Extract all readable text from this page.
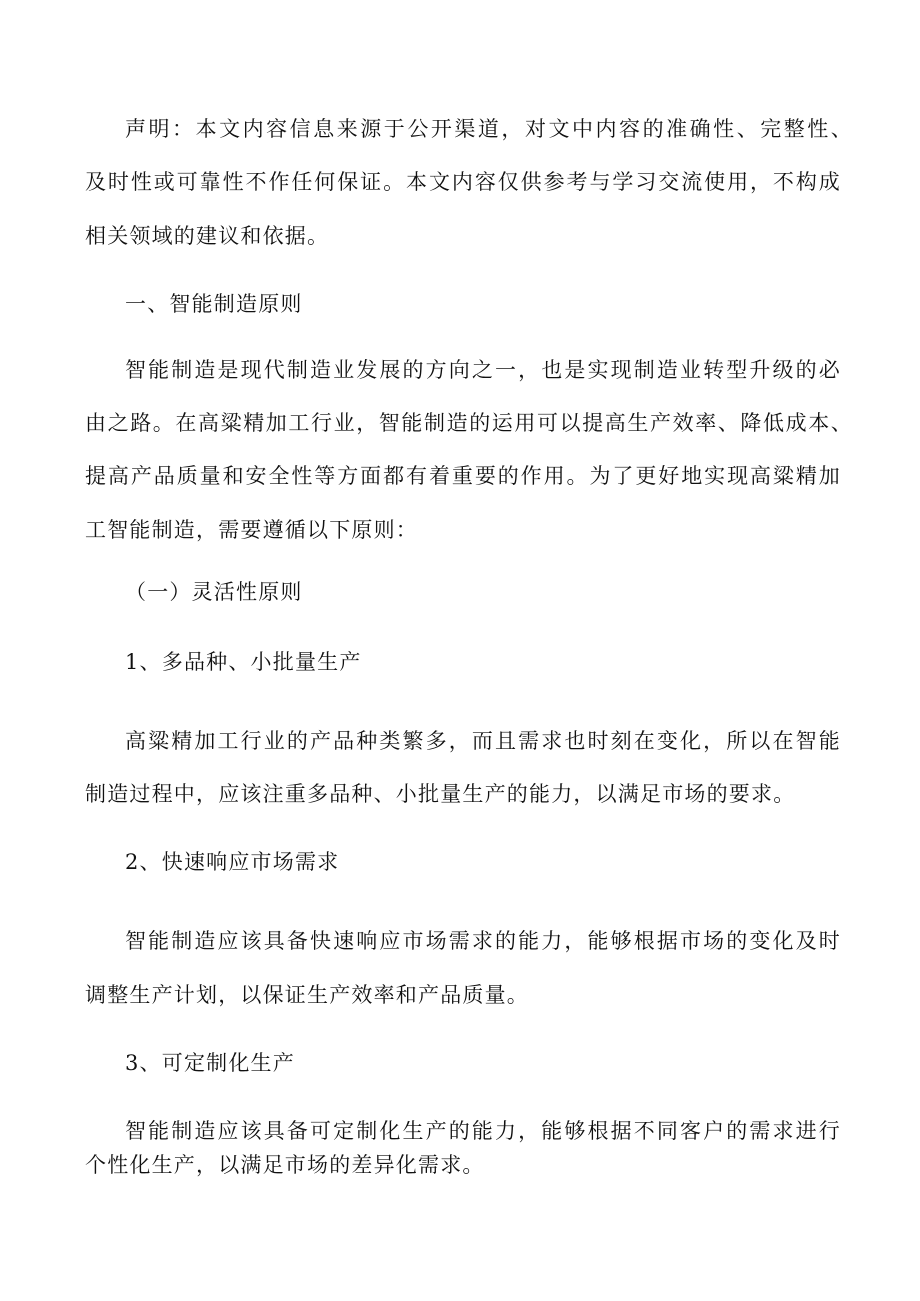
声明：本文内容信息来源于公开渠道，对文中内容的准确性、完整性、
及时性或可靠性不作任何保证。本文内容仅供参考与学习交流使用，不构成
相关领域的建议和依据。
一、智能制造原则
智能制造是现代制造业发展的方向之一，也是实现制造业转型升级的必
由之路。在高粱精加工行业，智能制造的运用可以提高生产效率、降低成本、
提高产品质量和安全性等方面都有着重要的作用。为了更好地实现高粱精加
工智能制造，需要遵循以下原则：
（一）灵活性原则
1、多品种、小批量生产
高粱精加工行业的产品种类繁多，而且需求也时刻在变化，所以在智能
制造过程中，应该注重多品种、小批量生产的能力，以满足市场的要求。
2、快速响应市场需求
智能制造应该具备快速响应市场需求的能力，能够根据市场的变化及时
调整生产计划，以保证生产效率和产品质量。
3、可定制化生产
智能制造应该具备可定制化生产的能力，能够根据不同客户的需求进行
个性化生产，以满足市场的差异化需求。
